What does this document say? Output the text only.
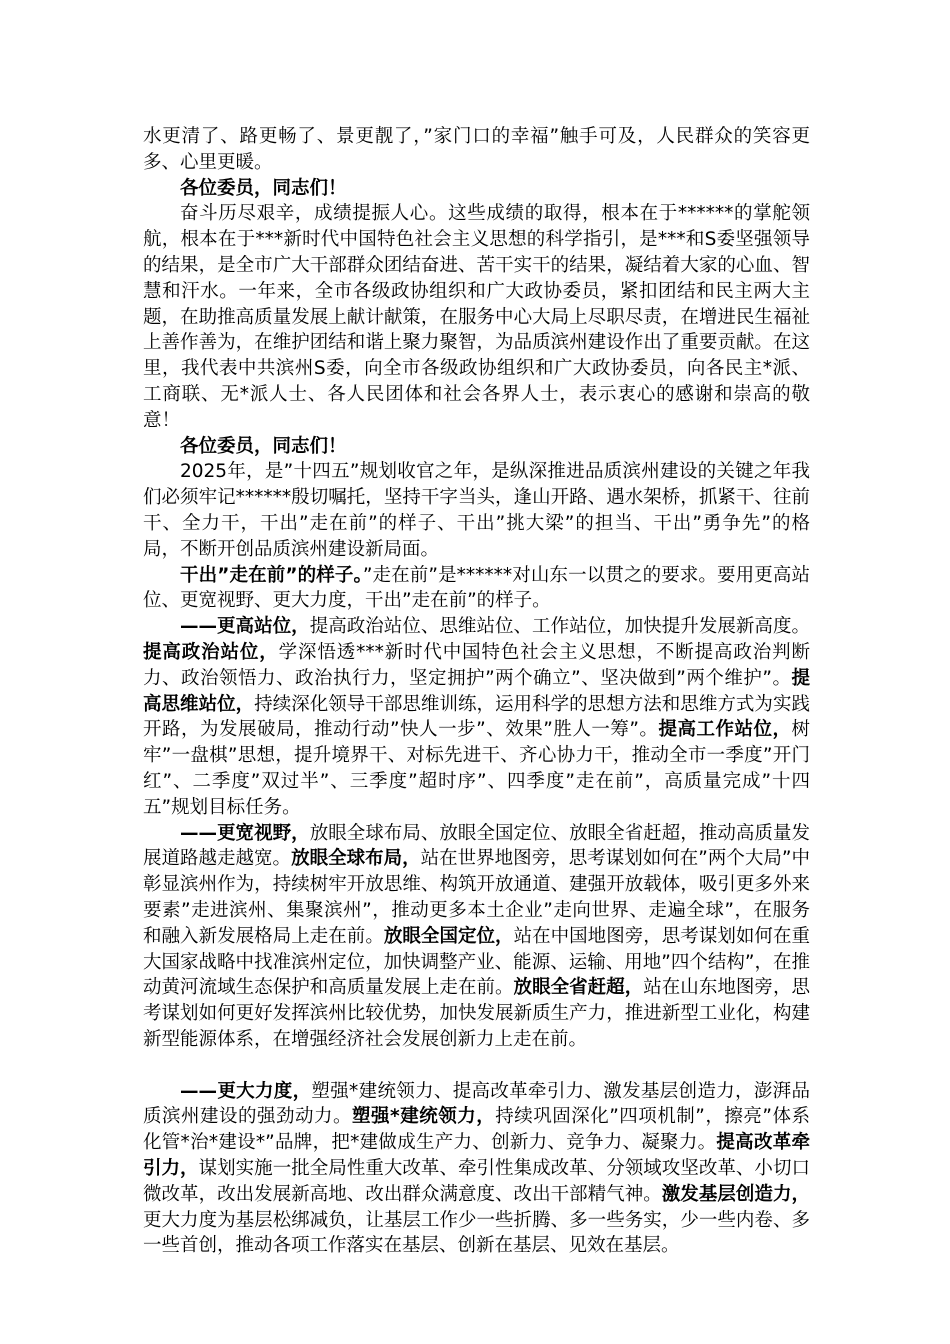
水更清了、路更畅了、景更靓了，”家门口的幸福”触手可及，人民群众的笑容更多、心里更暖。

各位委员，同志们！

奋斗历尽艰辛，成绩提振人心。这些成绩的取得，根本在于******的掌舵领航，根本在于***新时代中国特色社会主义思想的科学指引，是***和S委坚强领导的结果，是全市广大干部群众团结奋进、苦干实干的结果，凝结着大家的心血、智慧和汗水。一年来，全市各级政协组织和广大政协委员，紧扣团结和民主两大主题，在助推高质量发展上献计献策，在服务中心大局上尽职尽责，在增进民生福祉上善作善为，在维护团结和谐上聚力聚智，为品质滨州建设作出了重要贡献。在这里，我代表中共滨州S委，向全市各级政协组织和广大政协委员，向各民主*派、工商联、无*派人士、各人民团体和社会各界人士，表示衷心的感谢和崇高的敬意！

各位委员，同志们！

2025年，是”十四五”规划收官之年，是纵深推进品质滨州建设的关键之年我们必须牢记******殷切嘱托，坚持干字当头，逢山开路、遇水架桥，抓紧干、往前干、全力干，干出”走在前”的样子、干出”挑大梁”的担当、干出”勇争先”的格局，不断开创品质滨州建设新局面。

干出”走在前”的样子。”走在前”是******对山东一以贯之的要求。要用更高站位、更宽视野、更大力度，干出”走在前”的样子。

——更高站位，提高政治站位、思维站位、工作站位，加快提升发展新高度。提高政治站位，学深悟透***新时代中国特色社会主义思想，不断提高政治判断力、政治领悟力、政治执行力，坚定拥护”两个确立”、坚决做到”两个维护”。提高思维站位，持续深化领导干部思维训练，运用科学的思想方法和思维方式为实践开路，为发展破局，推动行动”快人一步”、效果”胜人一筹”。提高工作站位，树牢”一盘棋”思想，提升境界干、对标先进干、齐心协力干，推动全市一季度”开门红”、二季度”双过半”、三季度”超时序”、四季度”走在前”，高质量完成”十四五”规划目标任务。

——更宽视野，放眼全球布局、放眼全国定位、放眼全省赶超，推动高质量发展道路越走越宽。放眼全球布局，站在世界地图旁，思考谋划如何在”两个大局”中彰显滨州作为，持续树牢开放思维、构筑开放通道、建强开放载体，吸引更多外来要素”走进滨州、集聚滨州”，推动更多本土企业”走向世界、走遍全球”，在服务和融入新发展格局上走在前。放眼全国定位，站在中国地图旁，思考谋划如何在重大国家战略中找准滨州定位，加快调整产业、能源、运输、用地”四个结构”，在推动黄河流域生态保护和高质量发展上走在前。放眼全省赶超，站在山东地图旁，思考谋划如何更好发挥滨州比较优势，加快发展新质生产力，推进新型工业化，构建新型能源体系，在增强经济社会发展创新力上走在前。

——更大力度，塑强*建统领力、提高改革牵引力、激发基层创造力，澎湃品质滨州建设的强劲动力。塑强*建统领力，持续巩固深化”四项机制”，擦亮”体系化管*治*建设*”品牌，把*建做成生产力、创新力、竞争力、凝聚力。提高改革牵引力，谋划实施一批全局性重大改革、牵引性集成改革、分领域攻坚改革、小切口微改革，改出发展新高地、改出群众满意度、改出干部精气神。激发基层创造力，更大力度为基层松绑减负，让基层工作少一些折腾、多一些务实，少一些内卷、多一些首创，推动各项工作落实在基层、创新在基层、见效在基层。
